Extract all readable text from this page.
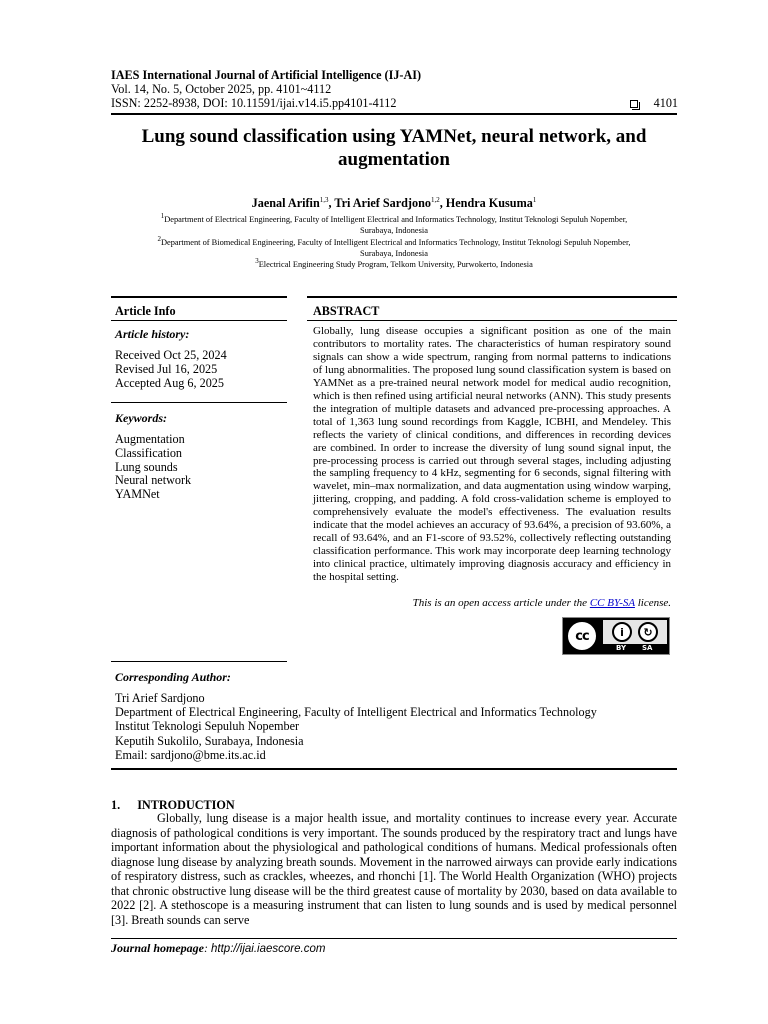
IAES International Journal of Artificial Intelligence (IJ-AI)
Vol. 14, No. 5, October 2025, pp. 4101~4112
ISSN: 2252-8938, DOI: 10.11591/ijai.v14.i5.pp4101-4112	4101
Lung sound classification using YAMNet, neural network, and augmentation
Jaenal Arifin$^{1,3}$, Tri Arief Sardjono$^{1,2}$, Hendra Kusuma$^1$
$^1$Department of Electrical Engineering, Faculty of Intelligent Electrical and Informatics Technology, Institut Teknologi Sepuluh Nopember,
Surabaya, Indonesia
$^2$Department of Biomedical Engineering, Faculty of Intelligent Electrical and Informatics Technology, Institut Teknologi Sepuluh Nopember,
Surabaya, Indonesia
$^3$Electrical Engineering Study Program, Telkom University, Purwokerto, Indonesia
Article Info
Article history:
Received Oct 25, 2024
Revised Jul 16, 2025
Accepted Aug 6, 2025
Keywords:
Augmentation
Classification
Lung sounds
Neural network
YAMNet
ABSTRACT
Globally, lung disease occupies a significant position as one of the main contributors to mortality rates. The characteristics of human respiratory sound signals can show a wide spectrum, ranging from normal patterns to indications of lung abnormalities. The proposed lung sound classification system is based on YAMNet as a pre-trained neural network model for medical audio recognition, which is then refined using artificial neural networks (ANN). This study presents the integration of multiple datasets and advanced pre-processing approaches. A total of 1,363 lung sound recordings from Kaggle, ICBHI, and Mendeley. This reflects the variety of clinical conditions, and differences in recording devices are combined. In order to increase the diversity of lung sound signal input, the pre-processing process is carried out through several stages, including adjusting the sampling frequency to 4 kHz, segmenting for 6 seconds, signal filtering with wavelet, min–max normalization, and data augmentation using window warping, jittering, cropping, and padding. A fold cross-validation scheme is employed to comprehensively evaluate the model's effectiveness. The evaluation results indicate that the model achieves an accuracy of 93.64%, a precision of 93.60%, a recall of 93.64%, and an F1-score of 93.52%, collectively reflecting outstanding classification performance. This work may incorporate deep learning technology into clinical practice, ultimately improving diagnosis accuracy and efficiency in the hospital setting.
This is an open access article under the CC BY-SA license.
cc	i	↻
BY SA
Corresponding Author:
Tri Arief Sardjono
Department of Electrical Engineering, Faculty of Intelligent Electrical and Informatics Technology
Institut Teknologi Sepuluh Nopember
Keputih Sukolilo, Surabaya, Indonesia
Email: sardjono@bme.its.ac.id
1. INTRODUCTION
Globally, lung disease is a major health issue, and mortality continues to increase every year. Accurate diagnosis of pathological conditions is very important. The sounds produced by the respiratory tract and lungs have important information about the physiological and pathological conditions of humans. Medical professionals often diagnose lung disease by analyzing breath sounds. Movement in the narrowed airways can provide early indications of respiratory distress, such as crackles, wheezes, and rhonchi [1]. The World Health Organization (WHO) projects that chronic obstructive lung disease will be the third greatest cause of mortality by 2030, based on data available to 2022 [2]. A stethoscope is a measuring instrument that can listen to lung sounds and is used by medical personnel [3]. Breath sounds can serve
Journal homepage: http://ijai.iaescore.com
